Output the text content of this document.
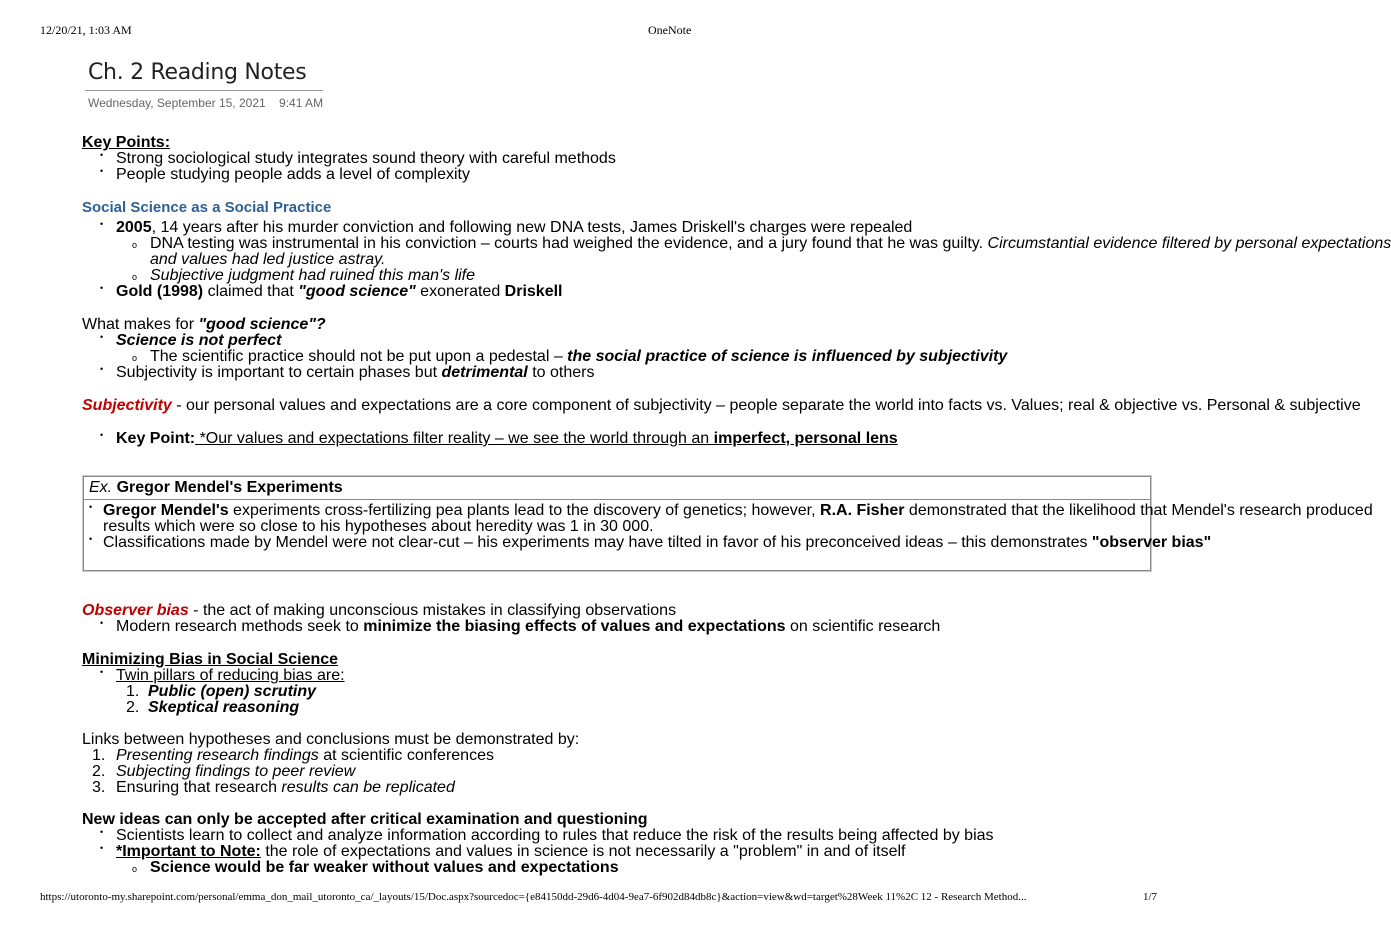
12/20/21, 1:03 AM	OneNote
https://utoronto-my.sharepoint.com/personal/emma_don_mail_utoronto_ca/_layouts/15/Doc.aspx?sourcedoc={e84150dd-29d6-4d04-9ea7-6f902d84db8c}&action=view&wd=target%28Week 11%2C 12 - Research Method...	1/7
Ch. 2 Reading Notes
Wednesday, September 15, 2021 9:41 AM
Key Points:
• Strong sociological study integrates sound theory with careful methods
• People studying people adds a level of complexity
Social Science as a Social Practice
• 2005, 14 years after his murder conviction and following new DNA tests, James Driskell's charges were repealed
o DNA testing was instrumental in his conviction – courts had weighed the evidence, and a jury found that he was guilty. Circumstantial evidence filtered by personal expectations
and values had led justice astray.
o Subjective judgment had ruined this man's life
• Gold (1998) claimed that "good science" exonerated Driskell
What makes for "good science"?
• Science is not perfect
o The scientific practice should not be put upon a pedestal – the social practice of science is influenced by subjectivity
• Subjectivity is important to certain phases but detrimental to others
Subjectivity - our personal values and expectations are a core component of subjectivity – people separate the world into facts vs. Values; real & objective vs. Personal & subjective
• Key Point: *Our values and expectations filter reality – we see the world through an imperfect, personal lens
Ex. Gregor Mendel's Experiments
• Gregor Mendel's experiments cross-fertilizing pea plants lead to the discovery of genetics; however, R.A. Fisher demonstrated that the likelihood that Mendel's research produced
results which were so close to his hypotheses about heredity was 1 in 30 000.
• Classifications made by Mendel were not clear-cut – his experiments may have tilted in favor of his preconceived ideas – this demonstrates "observer bias"
Observer bias - the act of making unconscious mistakes in classifying observations
• Modern research methods seek to minimize the biasing effects of values and expectations on scientific research
Minimizing Bias in Social Science
• Twin pillars of reducing bias are:
1. Public (open) scrutiny
2. Skeptical reasoning
Links between hypotheses and conclusions must be demonstrated by:
1. Presenting research findings at scientific conferences
2. Subjecting findings to peer review
3. Ensuring that research results can be replicated
New ideas can only be accepted after critical examination and questioning
• Scientists learn to collect and analyze information according to rules that reduce the risk of the results being affected by bias
• *Important to Note: the role of expectations and values in science is not necessarily a "problem" in and of itself
o Science would be far weaker without values and expectations
